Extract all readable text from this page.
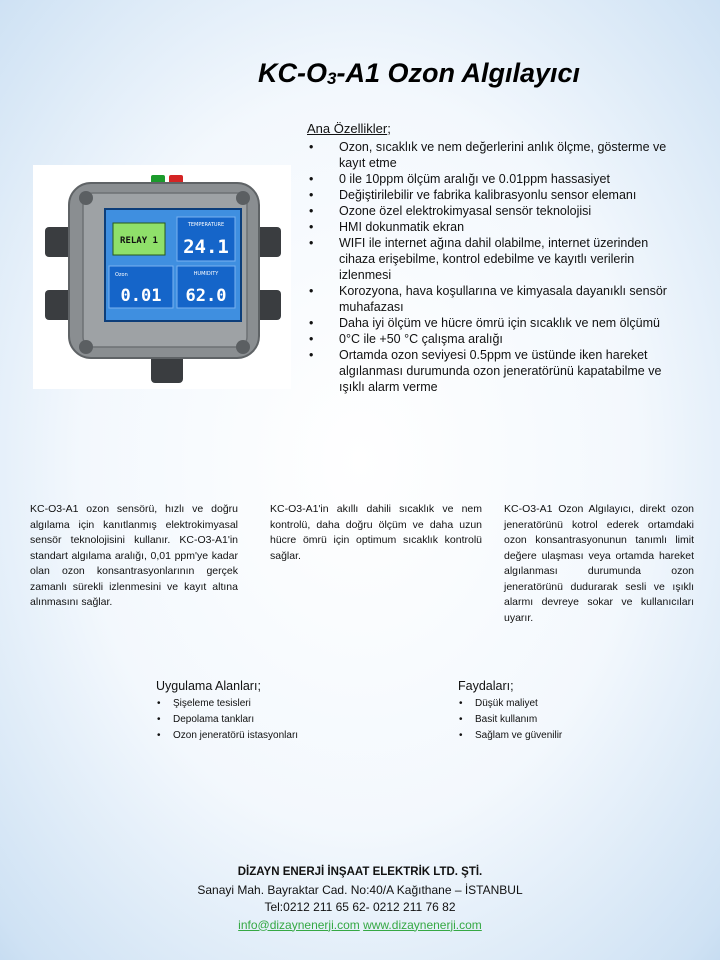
KC-O3-A1 Ozon Algılayıcı
RELAY 1
TEMPERATURE
24.1
Ozon
0.01
HUMIDITY
62.0
Ana Özellikler;
• Ozon, sıcaklık ve nem değerlerini anlık ölçme, gösterme ve kayıt etme
• 0 ile 10ppm ölçüm aralığı ve 0.01ppm hassasiyet
• Değiştirilebilir ve fabrika kalibrasyonlu sensor elemanı
• Ozone özel elektrokimyasal sensör teknolojisi
• HMI dokunmatik ekran
• WIFI ile internet ağına dahil olabilme, internet üzerinden cihaza erişebilme, kontrol edebilme ve kayıtlı verilerin izlenmesi
• Korozyona, hava koşullarına ve kimyasala dayanıklı sensör muhafazası
• Daha iyi ölçüm ve hücre ömrü için sıcaklık ve nem ölçümü
• 0°C ile +50 °C çalışma aralığı
• Ortamda ozon seviyesi 0.5ppm ve üstünde iken hareket algılanması durumunda ozon jeneratörünü kapatabilme ve ışıklı alarm verme
KC-O3-A1 ozon sensörü, hızlı ve doğru algılama için kanıtlanmış elektrokimyasal sensör teknolojisini kullanır. KC-O3-A1'in standart algılama aralığı, 0,01 ppm'ye kadar olan ozon konsantrasyonlarının gerçek zamanlı sürekli izlenmesini ve kayıt altına alınmasını sağlar.
KC-O3-A1'in akıllı dahili sıcaklık ve nem kontrolü, daha doğru ölçüm ve daha uzun hücre ömrü için optimum sıcaklık kontrolü sağlar.
KC-O3-A1 Ozon Algılayıcı, direkt ozon jeneratörünü kotrol ederek ortamdaki ozon konsantrasyonunun tanımlı limit değere ulaşması veya ortamda hareket algılanması durumunda ozon jeneratörünü dudurarak sesli ve ışıklı alarmı devreye sokar ve kullanıcıları uyarır.
Uygulama Alanları;
• Şişeleme tesisleri
• Depolama tankları
• Ozon jeneratörü istasyonları
Faydaları;
• Düşük maliyet
• Basit kullanım
• Sağlam ve güvenilir
DİZAYN ENERJİ İNŞAAT ELEKTRİK LTD. ŞTİ.
Sanayi Mah. Bayraktar Cad. No:40/A Kağıthane – İSTANBUL
Tel:0212 211 65 62- 0212 211 76 82
info@dizaynenerji.com www.dizaynenerji.com
